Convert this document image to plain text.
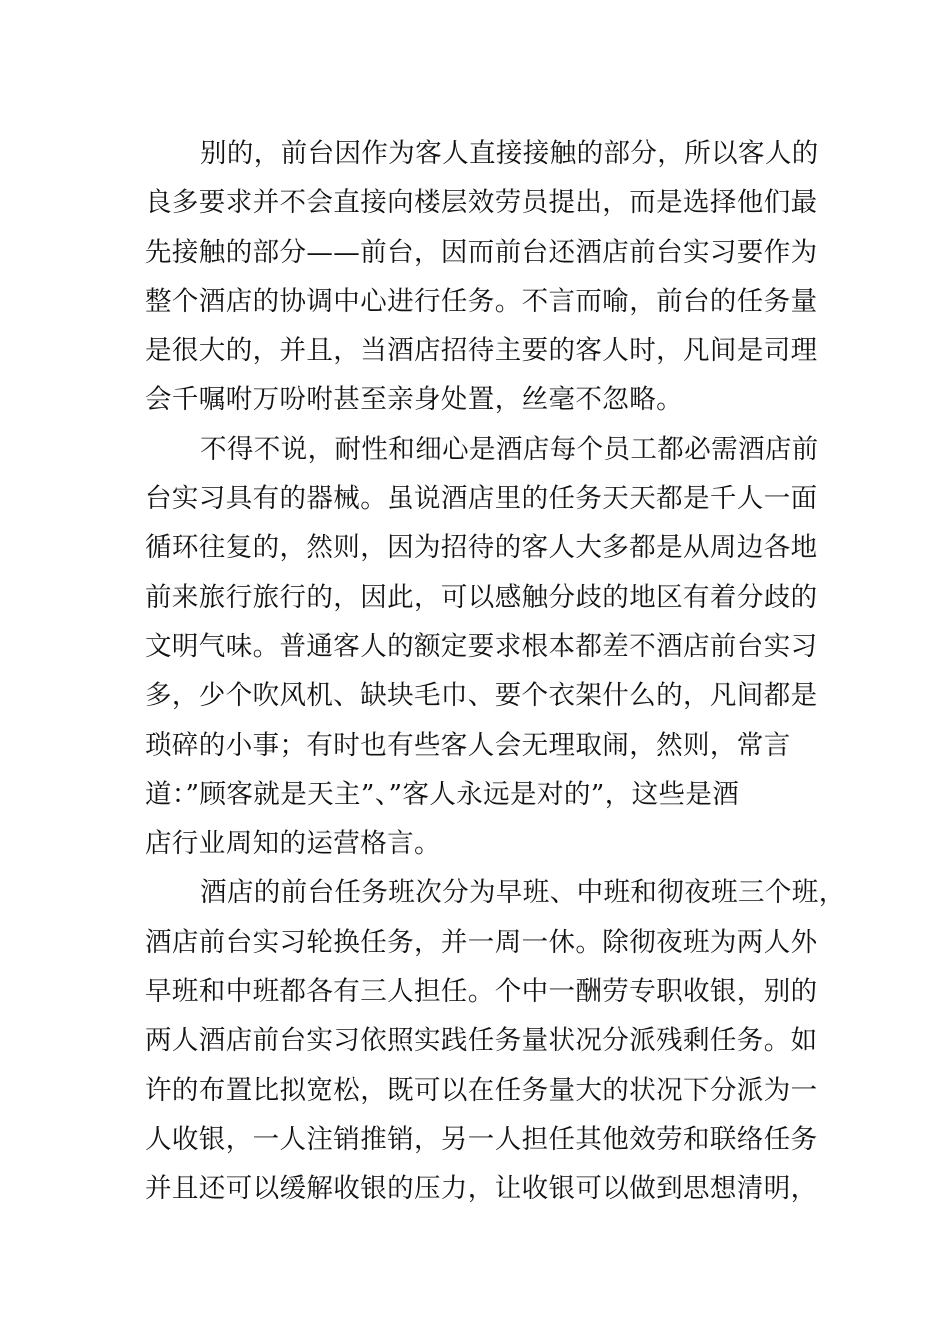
别的，前台因作为客人直接接触的部分，所以客人的
良多要求并不会直接向楼层效劳员提出，而是选择他们最
先接触的部分——前台，因而前台还酒店前台实习要作为
整个酒店的协调中心进行任务。不言而喻，前台的任务量
是很大的，并且，当酒店招待主要的客人时，凡间是司理
会千嘱咐万吩咐甚至亲身处置，丝毫不忽略。
不得不说，耐性和细心是酒店每个员工都必需酒店前
台实习具有的器械。虽说酒店里的任务天天都是千人一面
循环往复的，然则，因为招待的客人大多都是从周边各地
前来旅行旅行的，因此，可以感触分歧的地区有着分歧的
文明气味。普通客人的额定要求根本都差不酒店前台实习
多，少个吹风机、缺块毛巾、要个衣架什么的，凡间都是
琐碎的小事；有时也有些客人会无理取闹，然则，常言
道：”顾客就是天主”、”客人永远是对的”，这些是酒
店行业周知的运营格言。
酒店的前台任务班次分为早班、中班和彻夜班三个班，
酒店前台实习轮换任务，并一周一休。除彻夜班为两人外
早班和中班都各有三人担任。个中一酬劳专职收银，别的
两人酒店前台实习依照实践任务量状况分派残剩任务。如
许的布置比拟宽松，既可以在任务量大的状况下分派为一
人收银，一人注销推销，另一人担任其他效劳和联络任务
并且还可以缓解收银的压力，让收银可以做到思想清明，
